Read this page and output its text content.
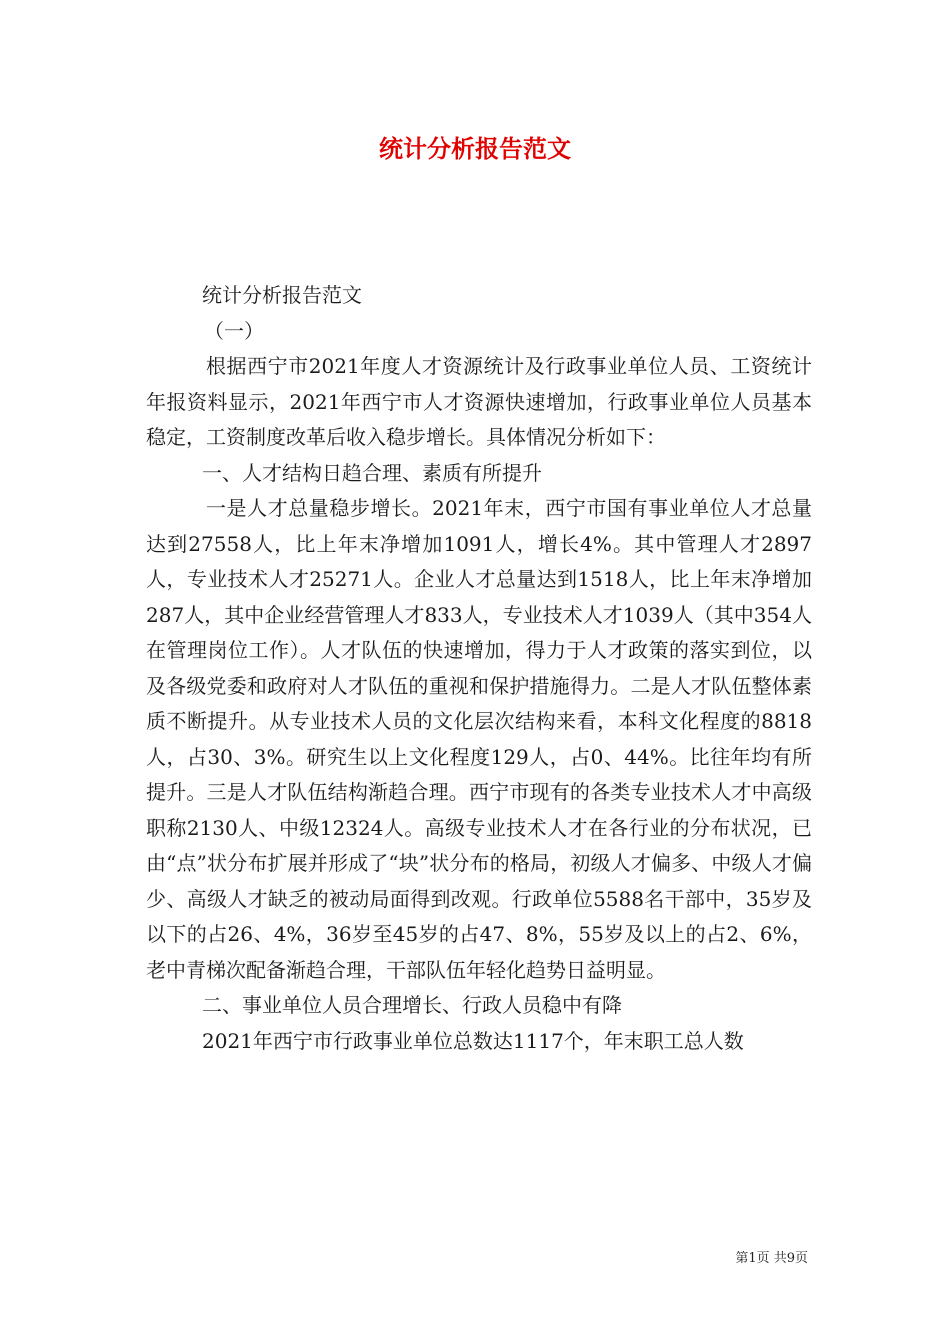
统计分析报告范文

统计分析报告范文

（一）

根据西宁市2021年度人才资源统计及行政事业单位人员、工资统计年报资料显示，2021年西宁市人才资源快速增加，行政事业单位人员基本稳定，工资制度改革后收入稳步增长。具体情况分析如下：

一、人才结构日趋合理、素质有所提升

一是人才总量稳步增长。2021年末，西宁市国有事业单位人才总量达到27558人，比上年末净增加1091人，增长4%。其中管理人才2897人，专业技术人才25271人。企业人才总量达到1518人，比上年末净增加287人，其中企业经营管理人才833人，专业技术人才1039人（其中354人在管理岗位工作）。人才队伍的快速增加，得力于人才政策的落实到位，以及各级党委和政府对人才队伍的重视和保护措施得力。二是人才队伍整体素质不断提升。从专业技术人员的文化层次结构来看，本科文化程度的8818人，占30、3%。研究生以上文化程度129人，占0、44%。比往年均有所提升。三是人才队伍结构渐趋合理。西宁市现有的各类专业技术人才中高级职称2130人、中级12324人。高级专业技术人才在各行业的分布状况，已由“点”状分布扩展并形成了“块”状分布的格局，初级人才偏多、中级人才偏少、高级人才缺乏的被动局面得到改观。行政单位5588名干部中，35岁及以下的占26、4%，36岁至45岁的占47、8%，55岁及以上的占2、6%，老中青梯次配备渐趋合理，干部队伍年轻化趋势日益明显。

二、事业单位人员合理增长、行政人员稳中有降

2021年西宁市行政事业单位总数达1117个，年末职工总人数

第1页 共9页
